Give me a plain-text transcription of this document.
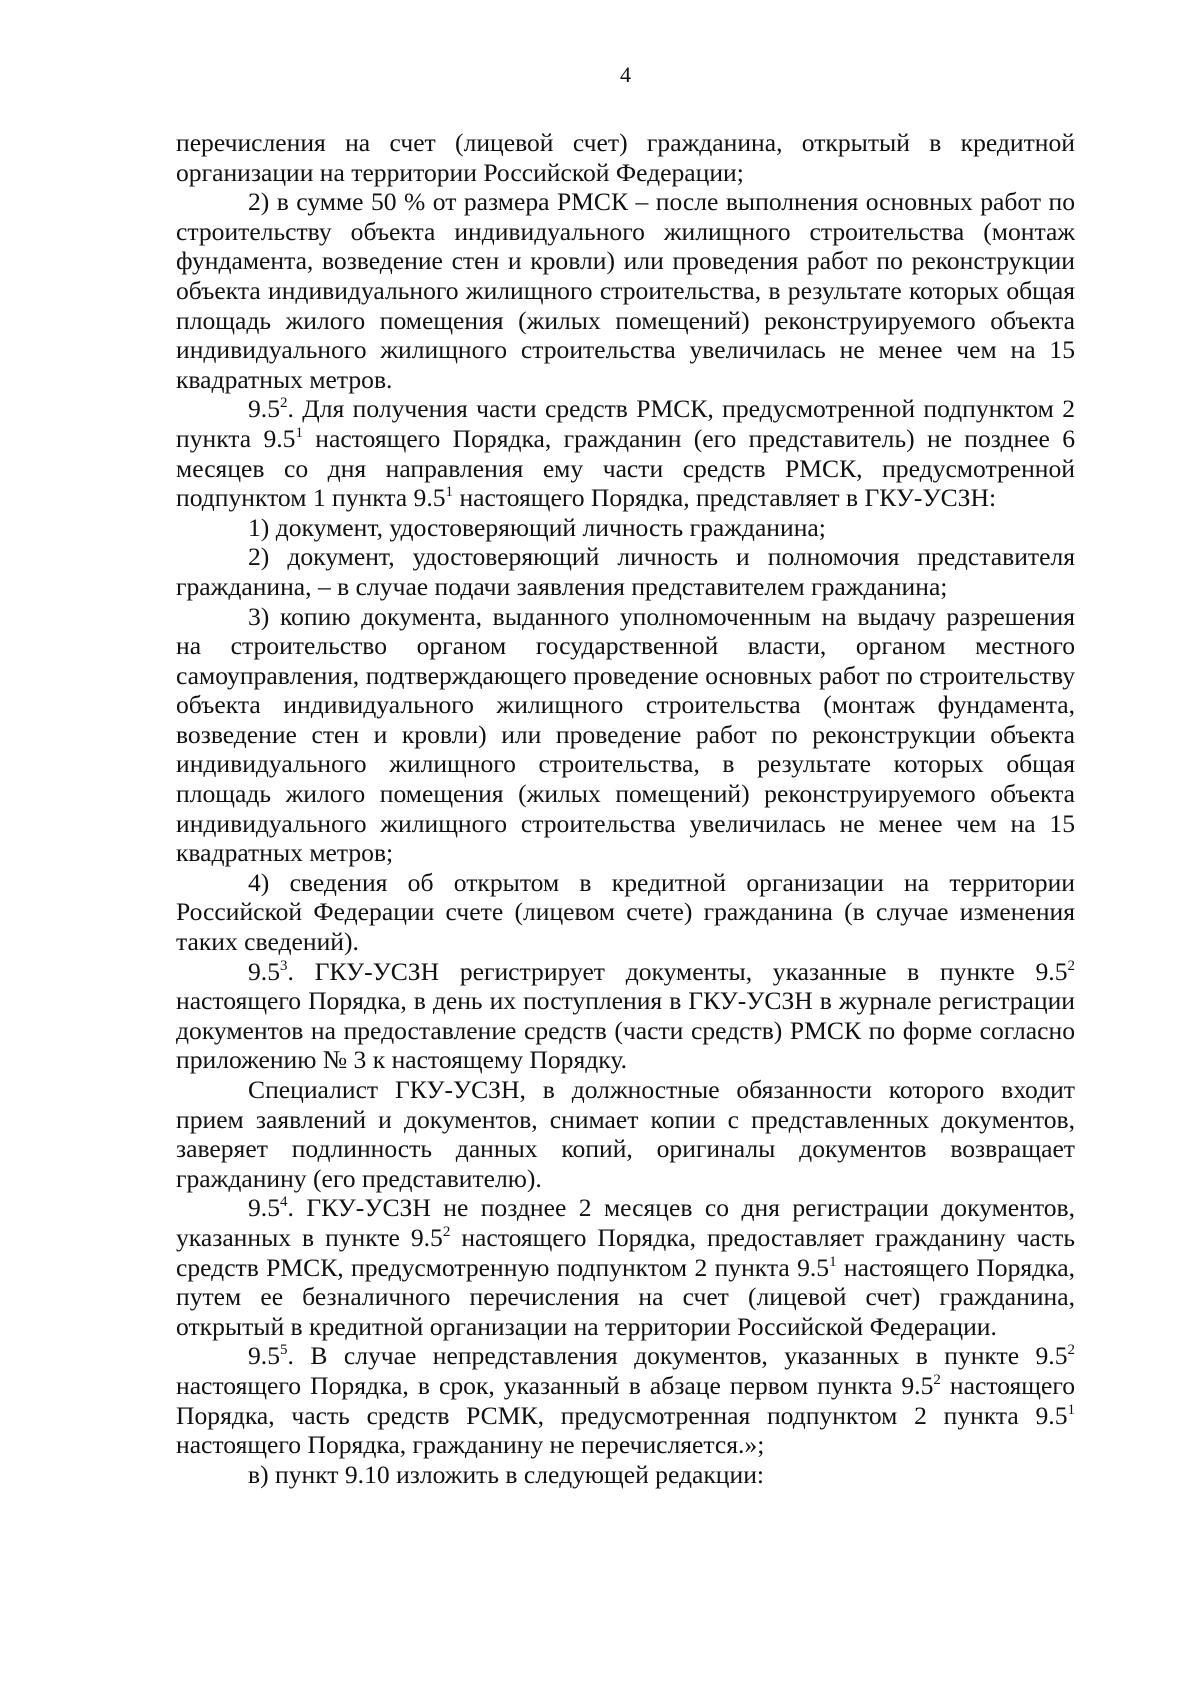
4

перечисления на счет (лицевой счет) гражданина, открытый в кредитной организации на территории Российской Федерации;

2) в сумме 50 % от размера РМСК – после выполнения основных работ по строительству объекта индивидуального жилищного строительства (монтаж фундамента, возведение стен и кровли) или проведения работ по реконструкции объекта индивидуального жилищного строительства, в результате которых общая площадь жилого помещения (жилых помещений) реконструируемого объекта индивидуального жилищного строительства увеличилась не менее чем на 15 квадратных метров.

$9.5^2$. Для получения части средств РМСК, предусмотренной подпунктом 2 пункта $9.5^1$ настоящего Порядка, гражданин (его представитель) не позднее 6 месяцев со дня направления ему части средств РМСК, предусмотренной подпунктом 1 пункта $9.5^1$ настоящего Порядка, представляет в ГКУ-УСЗН:

1) документ, удостоверяющий личность гражданина;

2) документ, удостоверяющий личность и полномочия представителя гражданина, – в случае подачи заявления представителем гражданина;

3) копию документа, выданного уполномоченным на выдачу разрешения на строительство органом государственной власти, органом местного самоуправления, подтверждающего проведение основных работ по строительству объекта индивидуального жилищного строительства (монтаж фундамента, возведение стен и кровли) или проведение работ по реконструкции объекта индивидуального жилищного строительства, в результате которых общая площадь жилого помещения (жилых помещений) реконструируемого объекта индивидуального жилищного строительства увеличилась не менее чем на 15 квадратных метров;

4) сведения об открытом в кредитной организации на территории Российской Федерации счете (лицевом счете) гражданина (в случае изменения таких сведений).

$9.5^3$. ГКУ-УСЗН регистрирует документы, указанные в пункте $9.5^2$ настоящего Порядка, в день их поступления в ГКУ-УСЗН в журнале регистрации документов на предоставление средств (части средств) РМСК по форме согласно приложению № 3 к настоящему Порядку.

Специалист ГКУ-УСЗН, в должностные обязанности которого входит прием заявлений и документов, снимает копии с представленных документов, заверяет подлинность данных копий, оригиналы документов возвращает гражданину (его представителю).

$9.5^4$. ГКУ-УСЗН не позднее 2 месяцев со дня регистрации документов, указанных в пункте $9.5^2$ настоящего Порядка, предоставляет гражданину часть средств РМСК, предусмотренную подпунктом 2 пункта $9.5^1$ настоящего Порядка, путем ее безналичного перечисления на счет (лицевой счет) гражданина, открытый в кредитной организации на территории Российской Федерации.

$9.5^5$. В случае непредставления документов, указанных в пункте $9.5^2$ настоящего Порядка, в срок, указанный в абзаце первом пункта $9.5^2$ настоящего Порядка, часть средств РСМК, предусмотренная подпунктом 2 пункта $9.5^1$ настоящего Порядка, гражданину не перечисляется.»;

в) пункт 9.10 изложить в следующей редакции:
